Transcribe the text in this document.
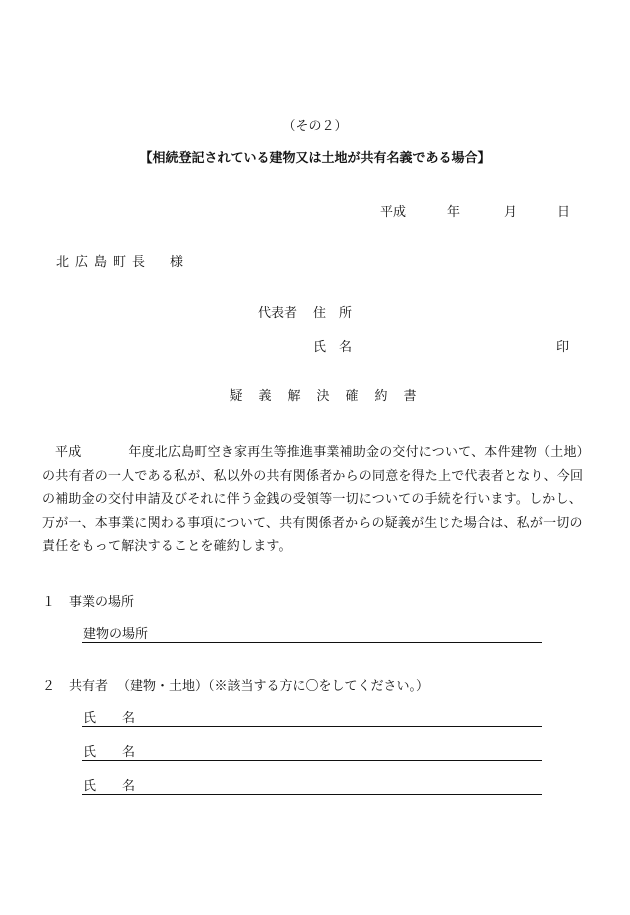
（その２）
【相続登記されている建物又は土地が共有名義である場合】
平成	年	月	日
北広島町長　様
代表者 住　所
氏　名	印
疑義解決確約書
平成	年度北広島町空き家再生等推進事業補助金の交付について、本件建物（土地）の共有者の一人である私が、私以外の共有関係者からの同意を得た上で代表者となり、今回の補助金の交付申請及びそれに伴う金銭の受領等一切についての手続を行います。しかし、万が一、本事業に関わる事項について、共有関係者からの疑義が生じた場合は、私が一切の責任をもって解決することを確約します。
１ 事業の場所
建物の場所
２ 共有者 （建物・土地）（※該当する方に〇をしてください。）
氏　　名
氏　　名
氏　　名
